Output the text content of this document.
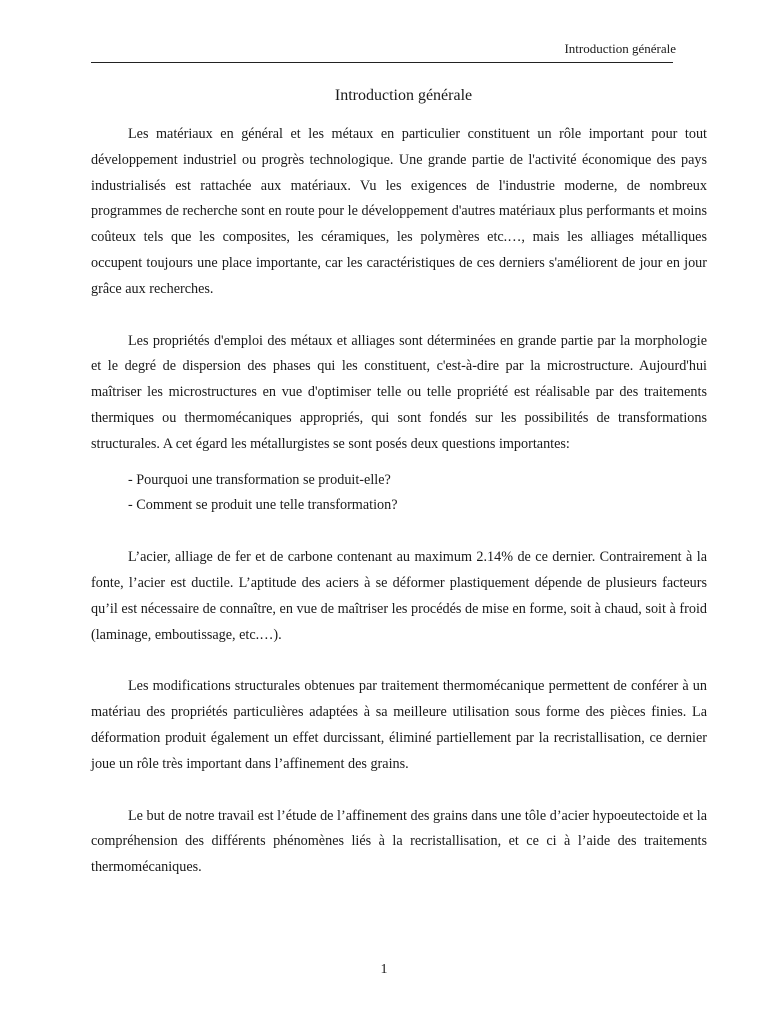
Introduction générale
Introduction générale

Les matériaux en général et les métaux en particulier constituent un rôle important pour tout développement industriel ou progrès technologique. Une grande partie de l'activité économique des pays industrialisés est rattachée aux matériaux. Vu les exigences de l'industrie moderne, de nombreux programmes de recherche sont en route pour le développement d'autres matériaux plus performants et moins coûteux tels que les composites, les céramiques, les polymères etc.…, mais les alliages métalliques occupent toujours une place importante, car les caractéristiques de ces derniers s'améliorent de jour en jour grâce aux recherches.

Les propriétés d'emploi des métaux et alliages sont déterminées en grande partie par la morphologie et le degré de dispersion des phases qui les constituent, c'est-à-dire par la microstructure. Aujourd'hui maîtriser les microstructures en vue d'optimiser telle ou telle propriété est réalisable par des traitements thermiques ou thermomécaniques appropriés, qui sont fondés sur les possibilités de transformations structurales. A cet égard les métallurgistes se sont posés deux questions importantes:

- Pourquoi une transformation se produit-elle?
- Comment se produit une telle transformation?

L’acier, alliage de fer et de carbone contenant au maximum 2.14% de ce dernier. Contrairement à la fonte, l’acier est ductile. L’aptitude des aciers à se déformer plastiquement dépende de plusieurs facteurs qu’il est nécessaire de connaître, en vue de maîtriser les procédés de mise en forme, soit à chaud, soit à froid (laminage, emboutissage, etc.…).

Les modifications structurales obtenues par traitement thermomécanique permettent de conférer à un matériau des propriétés particulières adaptées à sa meilleure utilisation sous forme des pièces finies. La déformation produit également un effet durcissant, éliminé partiellement par la recristallisation, ce dernier joue un rôle très important dans l’affinement des grains.

Le but de notre travail est l’étude de l’affinement des grains dans une tôle d’acier hypoeutectoide et la compréhension des différents phénomènes liés à la recristallisation, et ce ci à l’aide des traitements thermomécaniques.

1
